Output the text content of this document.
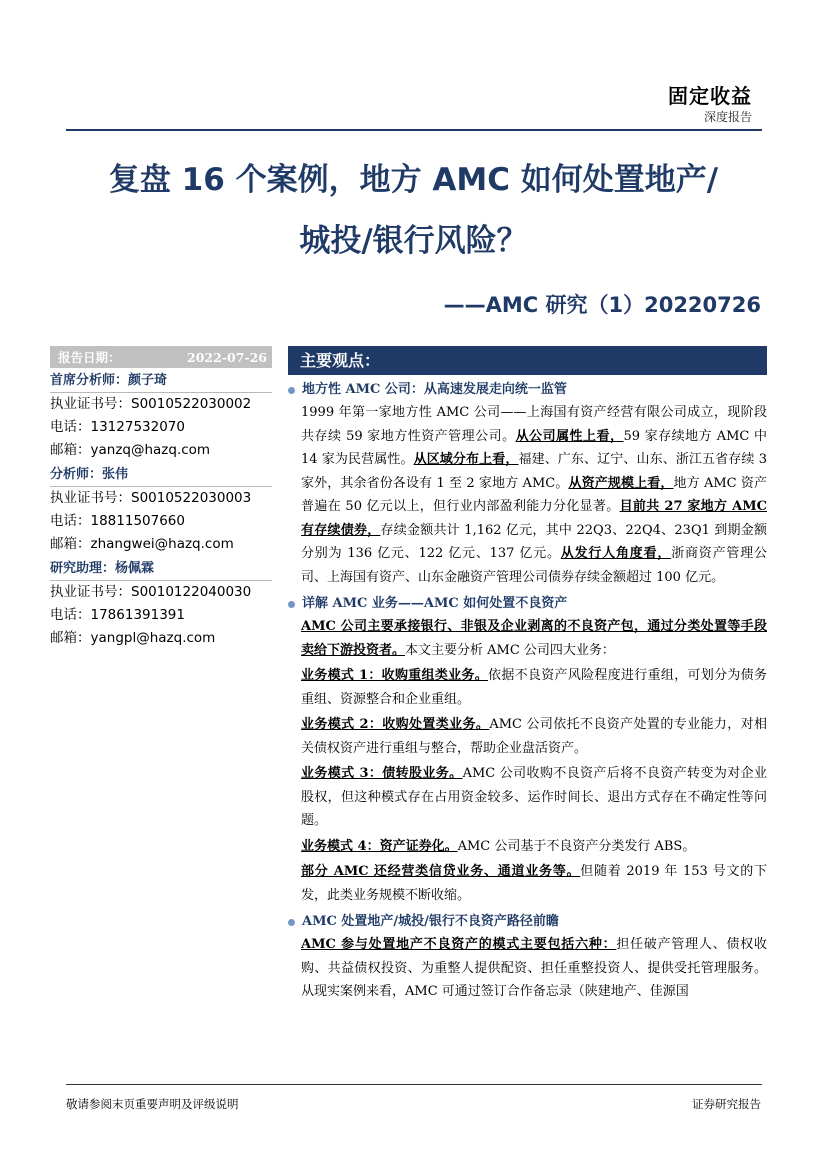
固定收益
深度报告
复盘 16 个案例，地方 AMC 如何处置地产/
城投/银行风险？
——AMC 研究（1）20220726
报告日期：	2022-07-26
首席分析师：颜子琦
执业证书号：S0010522030002
电话：13127532070
邮箱：yanzq@hazq.com
分析师：张伟
执业证书号：S0010522030003
电话：18811507660
邮箱：zhangwei@hazq.com
研究助理：杨佩霖
执业证书号：S0010122040030
电话：17861391391
邮箱：yangpl@hazq.com
主要观点：
地方性 AMC 公司：从高速发展走向统一监管

1999 年第一家地方性 AMC 公司——上海国有资产经营有限公司成立，现阶段共存续 59 家地方性资产管理公司。从公司属性上看，59 家存续地方 AMC 中 14 家为民营属性。从区域分布上看，福建、广东、辽宁、山东、浙江五省存续 3 家外，其余省份各设有 1 至 2 家地方 AMC。从资产规模上看，地方 AMC 资产普遍在 50 亿元以上，但行业内部盈利能力分化显著。目前共 27 家地方 AMC 有存续债券，存续金额共计 1,162 亿元，其中 22Q3、22Q4、23Q1 到期金额分别为 136 亿元、122 亿元、137 亿元。从发行人角度看，浙商资产管理公司、上海国有资产、山东金融资产管理公司债券存续金额超过 100 亿元。

详解 AMC 业务——AMC 如何处置不良资产

AMC 公司主要承接银行、非银及企业剥离的不良资产包，通过分类处置等手段卖给下游投资者。本文主要分析 AMC 公司四大业务：

业务模式 1：收购重组类业务。依据不良资产风险程度进行重组，可划分为债务重组、资源整合和企业重组。

业务模式 2：收购处置类业务。AMC 公司依托不良资产处置的专业能力，对相关债权资产进行重组与整合，帮助企业盘活资产。

业务模式 3：债转股业务。AMC 公司收购不良资产后将不良资产转变为对企业股权，但这种模式存在占用资金较多、运作时间长、退出方式存在不确定性等问题。

业务模式 4：资产证券化。AMC 公司基于不良资产分类发行 ABS。

部分 AMC 还经营类信贷业务、通道业务等。但随着 2019 年 153 号文的下发，此类业务规模不断收缩。

AMC 处置地产/城投/银行不良资产路径前瞻

AMC 参与处置地产不良资产的模式主要包括六种：担任破产管理人、债权收购、共益债权投资、为重整人提供配资、担任重整投资人、提供受托管理服务。从现实案例来看，AMC 可通过签订合作备忘录（陕建地产、佳源国

敬请参阅末页重要声明及评级说明	证券研究报告
